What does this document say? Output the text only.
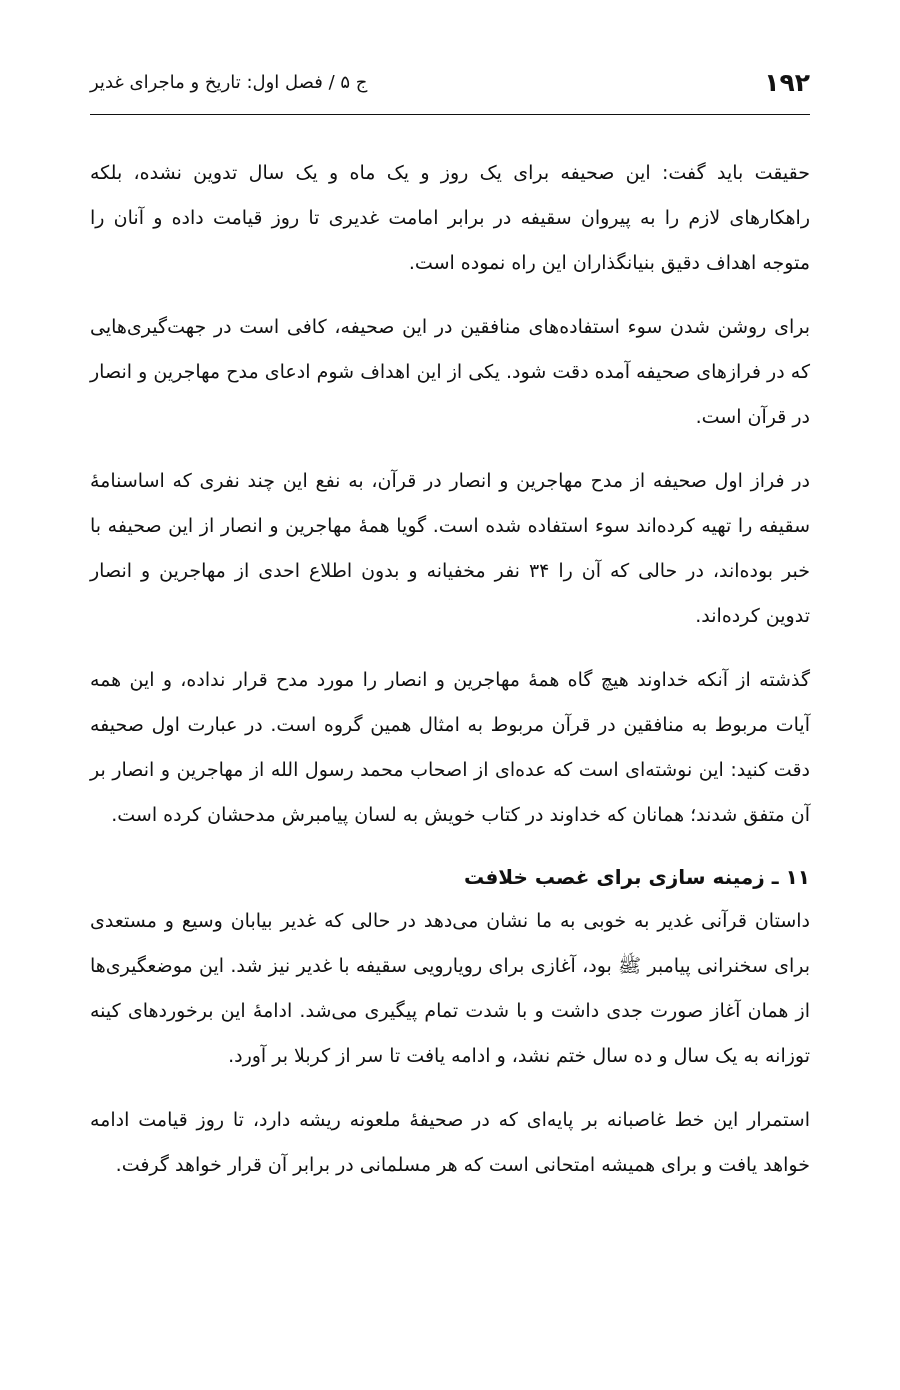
۱۹۲
ج ۵ / فصل اول: تاریخ و ماجرای غدیر

حقیقت باید گفت: این صحیفه برای یک روز و یک ماه و یک سال تدوین نشده، بلکه راهکارهای لازم را به پیروان سقیفه در برابر امامت غدیری تا روز قیامت داده و آنان را متوجه اهداف دقیق بنیانگذاران این راه نموده است.

برای روشن شدن سوء استفاده‌های منافقین در این صحیفه، کافی است در جهت‌گیری‌هایی که در فرازهای صحیفه آمده دقت شود. یکی از این اهداف شوم ادعای مدح مهاجرین و انصار در قرآن است.

در فراز اول صحیفه از مدح مهاجرین و انصار در قرآن، به نفع این چند نفری که اساسنامهٔ سقیفه را تهیه کرده‌اند سوء استفاده شده است. گویا همهٔ مهاجرین و انصار از این صحیفه با خبر بوده‌اند، در حالی که آن را ۳۴ نفر مخفیانه و بدون اطلاع احدی از مهاجرین و انصار تدوین کرده‌اند.

گذشته از آنکه خداوند هیچ گاه همهٔ مهاجرین و انصار را مورد مدح قرار نداده، و این همه آیات مربوط به منافقین در قرآن مربوط به امثال همین گروه است. در عبارت اول صحیفه دقت کنید: این نوشته‌ای است که عده‌ای از اصحاب محمد رسول الله از مهاجرین و انصار بر آن متفق شدند؛ همانان که خداوند در کتاب خویش به لسان پیامبرش مدحشان کرده است.

۱۱ ـ زمینه سازی برای غصب خلافت

داستان قرآنی غدیر به خوبی به ما نشان می‌دهد در حالی که غدیر بیابان وسیع و مستعدی برای سخنرانی پیامبر ﷺ بود، آغازی برای رویارویی سقیفه با غدیر نیز شد. این موضعگیری‌ها از همان آغاز صورت جدی داشت و با شدت تمام پیگیری می‌شد. ادامهٔ این برخوردهای کینه توزانه به یک سال و ده سال ختم نشد، و ادامه یافت تا سر از کربلا بر آورد.

استمرار این خط غاصبانه بر پایه‌ای که در صحیفهٔ ملعونه ریشه دارد، تا روز قیامت ادامه خواهد یافت و برای همیشه امتحانی است که هر مسلمانی در برابر آن قرار خواهد گرفت.
